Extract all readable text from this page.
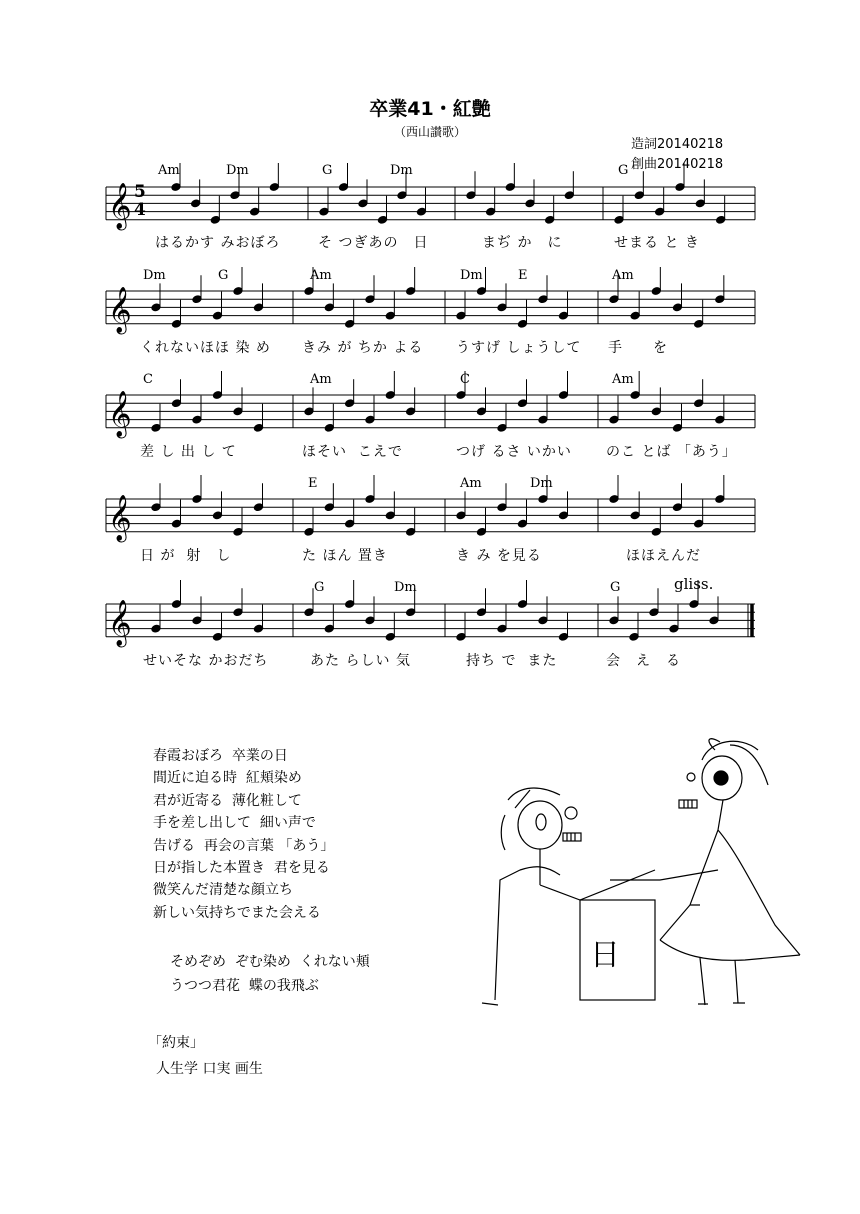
卒業41・紅艶
（西山讃歌）
造詞20140218
創曲20140218
𝄞
𝄞
𝄞
𝄞
𝄞
5
4
Am	Dm	G	Dm	G
Dm	G	Am	Dm	E	Am
C	Am	C	Am
E	Am	Dm
G	Dm	G	gliss.
はるかす みおぼろ	そ つぎあの　日	まぢ か　に	せまる と き
くれないほほ 染 め きみ が ちか よる うすげ しょうして 手　　を
差 し 出 し て	ほそい  こえで	つげ るさ いかい のこ とば 「あう」
日 が  射　し	た ほん 置き	き み を見る	ほほえんだ
せいそな かおだち	あた らしい 気	持ち で  また	会　え　る
春霞おぼろ  卒業の日
間近に迫る時  紅頬染め
君が近寄る  薄化粧して
手を差し出して  細い声で
告げる  再会の言葉 「あう」
日が指した本置き  君を見る
微笑んだ清楚な顔立ち
新しい気持ちでまた会える
そめぞめ  ぞむ染め  くれない頬
うつつ君花  蝶の我飛ぶ
「約束」
人生学 口実 画生
日
